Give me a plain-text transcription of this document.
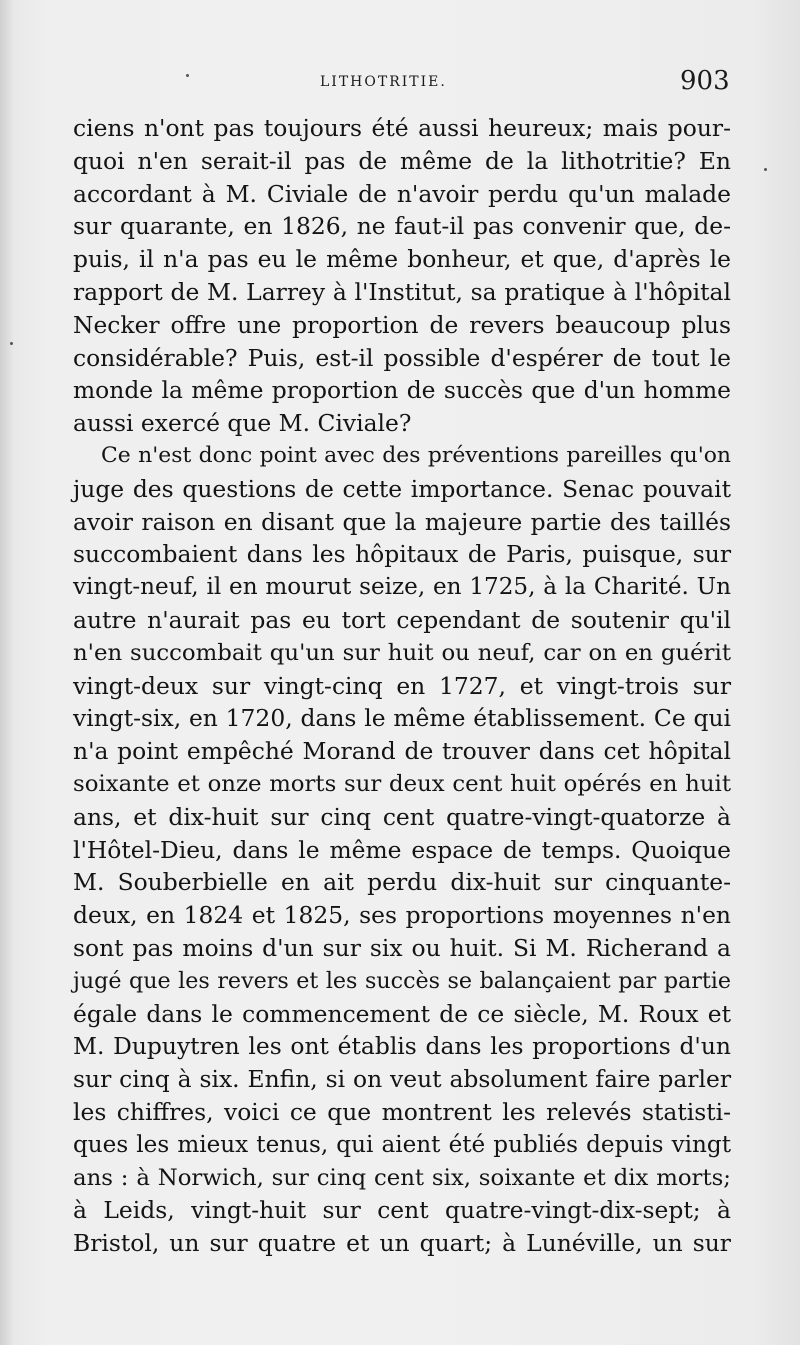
LITHOTRITIE.	903
ciens n'ont pas toujours été aussi heureux; mais pour-
quoi n'en serait-il pas de même de la lithotritie? En
accordant à M. Civiale de n'avoir perdu qu'un malade
sur quarante, en 1826, ne faut-il pas convenir que, de-
puis, il n'a pas eu le même bonheur, et que, d'après le
rapport de M. Larrey à l'Institut, sa pratique à l'hôpital
Necker offre une proportion de revers beaucoup plus
considérable? Puis, est-il possible d'espérer de tout le
monde la même proportion de succès que d'un homme
aussi exercé que M. Civiale?
Ce n'est donc point avec des préventions pareilles qu'on
juge des questions de cette importance. Senac pouvait
avoir raison en disant que la majeure partie des taillés
succombaient dans les hôpitaux de Paris, puisque, sur
vingt-neuf, il en mourut seize, en 1725, à la Charité. Un
autre n'aurait pas eu tort cependant de soutenir qu'il
n'en succombait qu'un sur huit ou neuf, car on en guérit
vingt-deux sur vingt-cinq en 1727, et vingt-trois sur
vingt-six, en 1720, dans le même établissement. Ce qui
n'a point empêché Morand de trouver dans cet hôpital
soixante et onze morts sur deux cent huit opérés en huit
ans, et dix-huit sur cinq cent quatre-vingt-quatorze à
l'Hôtel-Dieu, dans le même espace de temps. Quoique
M. Souberbielle en ait perdu dix-huit sur cinquante-
deux, en 1824 et 1825, ses proportions moyennes n'en
sont pas moins d'un sur six ou huit. Si M. Richerand a
jugé que les revers et les succès se balançaient par partie
égale dans le commencement de ce siècle, M. Roux et
M. Dupuytren les ont établis dans les proportions d'un
sur cinq à six. Enfin, si on veut absolument faire parler
les chiffres, voici ce que montrent les relevés statisti-
ques les mieux tenus, qui aient été publiés depuis vingt
ans : à Norwich, sur cinq cent six, soixante et dix morts;
à Leids, vingt-huit sur cent quatre-vingt-dix-sept; à
Bristol, un sur quatre et un quart; à Lunéville, un sur
